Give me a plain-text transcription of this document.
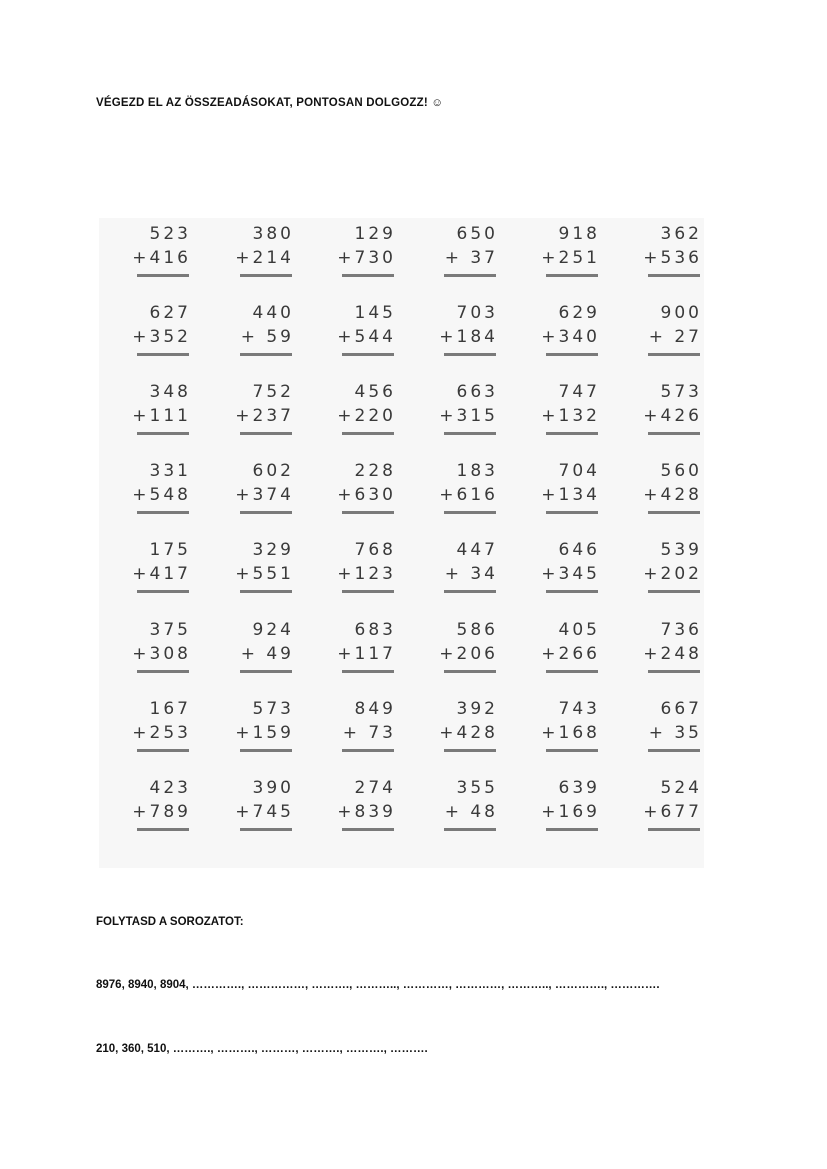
VÉGEZD EL AZ ÖSSZEADÁSOKAT, PONTOSAN DOLGOZZ! ☺
523
+416
380
+214
129
+730
650
+ 37
918
+251
362
+536
627
+352
440
+ 59
145
+544
703
+184
629
+340
900
+ 27
348
+111
752
+237
456
+220
663
+315
747
+132
573
+426
331
+548
602
+374
228
+630
183
+616
704
+134
560
+428
175
+417
329
+551
768
+123
447
+ 34
646
+345
539
+202
375
+308
924
+ 49
683
+117
586
+206
405
+266
736
+248
167
+253
573
+159
849
+ 73
392
+428
743
+168
667
+ 35
423
+789
390
+745
274
+839
355
+ 48
639
+169
524
+677
FOLYTASD A SOROZATOT:
8976, 8940, 8904, …………., ……………, ………., ……….., …………, …………, ……….., …………., ………….
210, 360, 510, ………., ………., ………, ………., ………., ……….
